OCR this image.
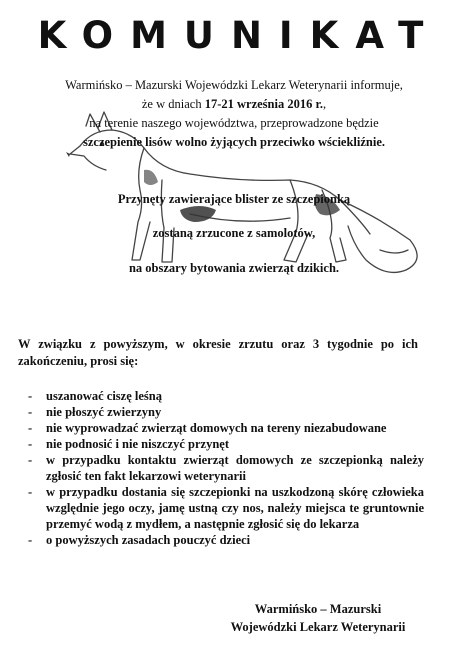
KOMUNIKAT
Warmińsko – Mazurski Wojewódzki Lekarz Weterynarii informuje,
że w dniach 17-21 września 2016 r.,
na terenie naszego województwa, przeprowadzone będzie
szczepienie lisów wolno żyjących przeciwko wściekliźnie.
Przynęty zawierające blister ze szczepionką
zostaną zrzucone z samolotów,
na obszary bytowania zwierząt dzikich.
W związku z powyższym, w okresie zrzutu oraz 3 tygodnie po ich zakończeniu, prosi się:
- uszanować ciszę leśną
- nie płoszyć zwierzyny
- nie wyprowadzać zwierząt domowych na tereny niezabudowane
- nie podnosić i nie niszczyć przynęt
- w przypadku kontaktu zwierząt domowych ze szczepionką należy zgłosić ten fakt lekarzowi weterynarii
- w przypadku dostania się szczepionki na uszkodzoną skórę człowieka względnie jego oczy, jamę ustną czy nos, należy miejsca te gruntownie przemyć wodą z mydłem, a następnie zgłosić się do lekarza
- o powyższych zasadach pouczyć dzieci
Warmińsko – Mazurski
Wojewódzki Lekarz Weterynarii
